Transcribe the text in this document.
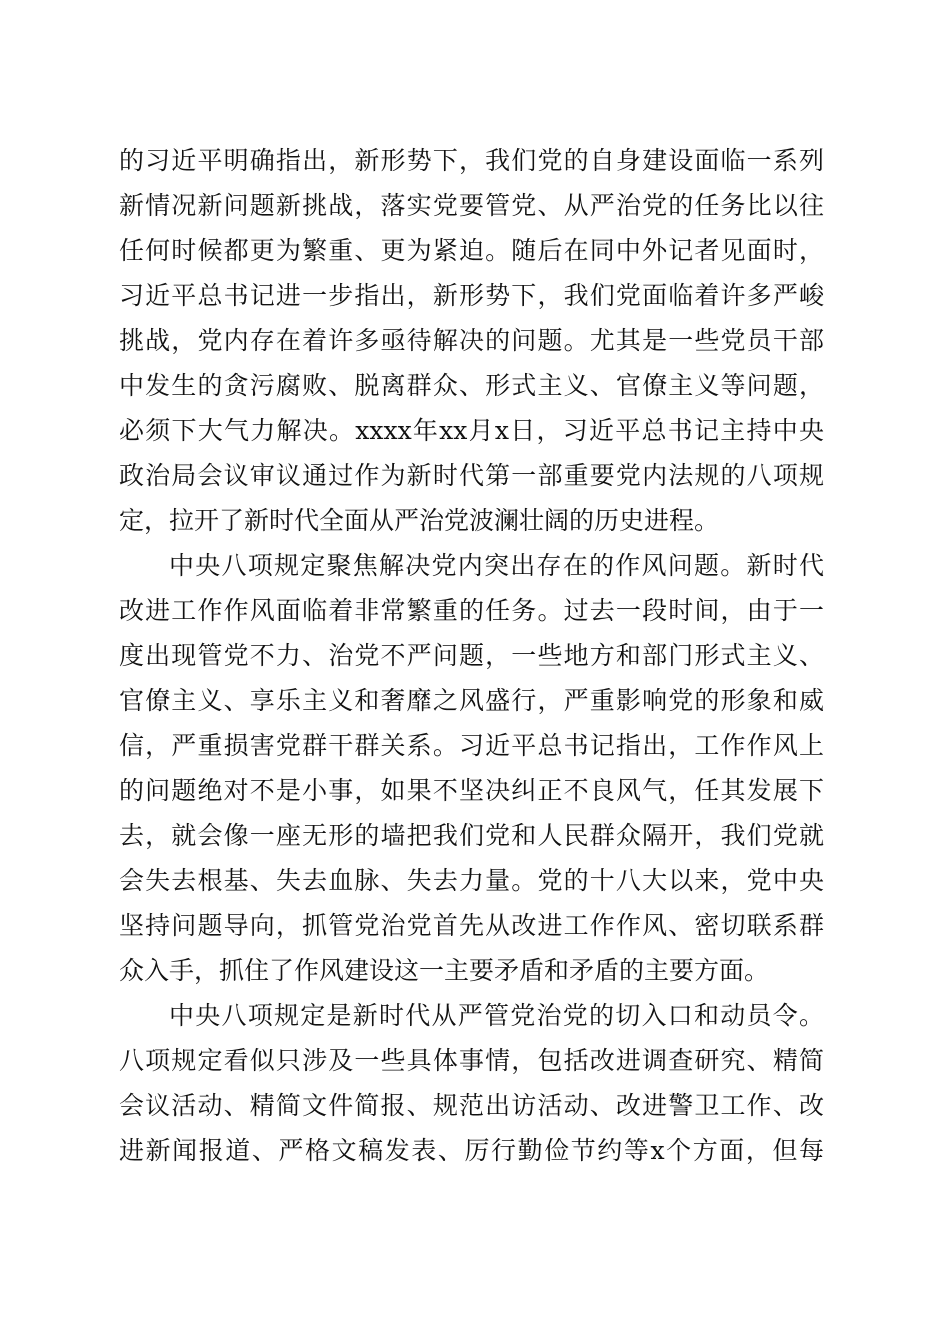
的习近平明确指出，新形势下，我们党的自身建设面临一系列
新情况新问题新挑战，落实党要管党、从严治党的任务比以往
任何时候都更为繁重、更为紧迫。随后在同中外记者见面时，
习近平总书记进一步指出，新形势下，我们党面临着许多严峻
挑战，党内存在着许多亟待解决的问题。尤其是一些党员干部
中发生的贪污腐败、脱离群众、形式主义、官僚主义等问题，
必须下大气力解决。xxxx年xx月x日，习近平总书记主持中央
政治局会议审议通过作为新时代第一部重要党内法规的八项规
定，拉开了新时代全面从严治党波澜壮阔的历史进程。
中央八项规定聚焦解决党内突出存在的作风问题。新时代
改进工作作风面临着非常繁重的任务。过去一段时间，由于一
度出现管党不力、治党不严问题，一些地方和部门形式主义、
官僚主义、享乐主义和奢靡之风盛行，严重影响党的形象和威
信，严重损害党群干群关系。习近平总书记指出，工作作风上
的问题绝对不是小事，如果不坚决纠正不良风气，任其发展下
去，就会像一座无形的墙把我们党和人民群众隔开，我们党就
会失去根基、失去血脉、失去力量。党的十八大以来，党中央
坚持问题导向，抓管党治党首先从改进工作作风、密切联系群
众入手，抓住了作风建设这一主要矛盾和矛盾的主要方面。
中央八项规定是新时代从严管党治党的切入口和动员令。
八项规定看似只涉及一些具体事情，包括改进调查研究、精简
会议活动、精简文件简报、规范出访活动、改进警卫工作、改
进新闻报道、严格文稿发表、厉行勤俭节约等x个方面，但每
